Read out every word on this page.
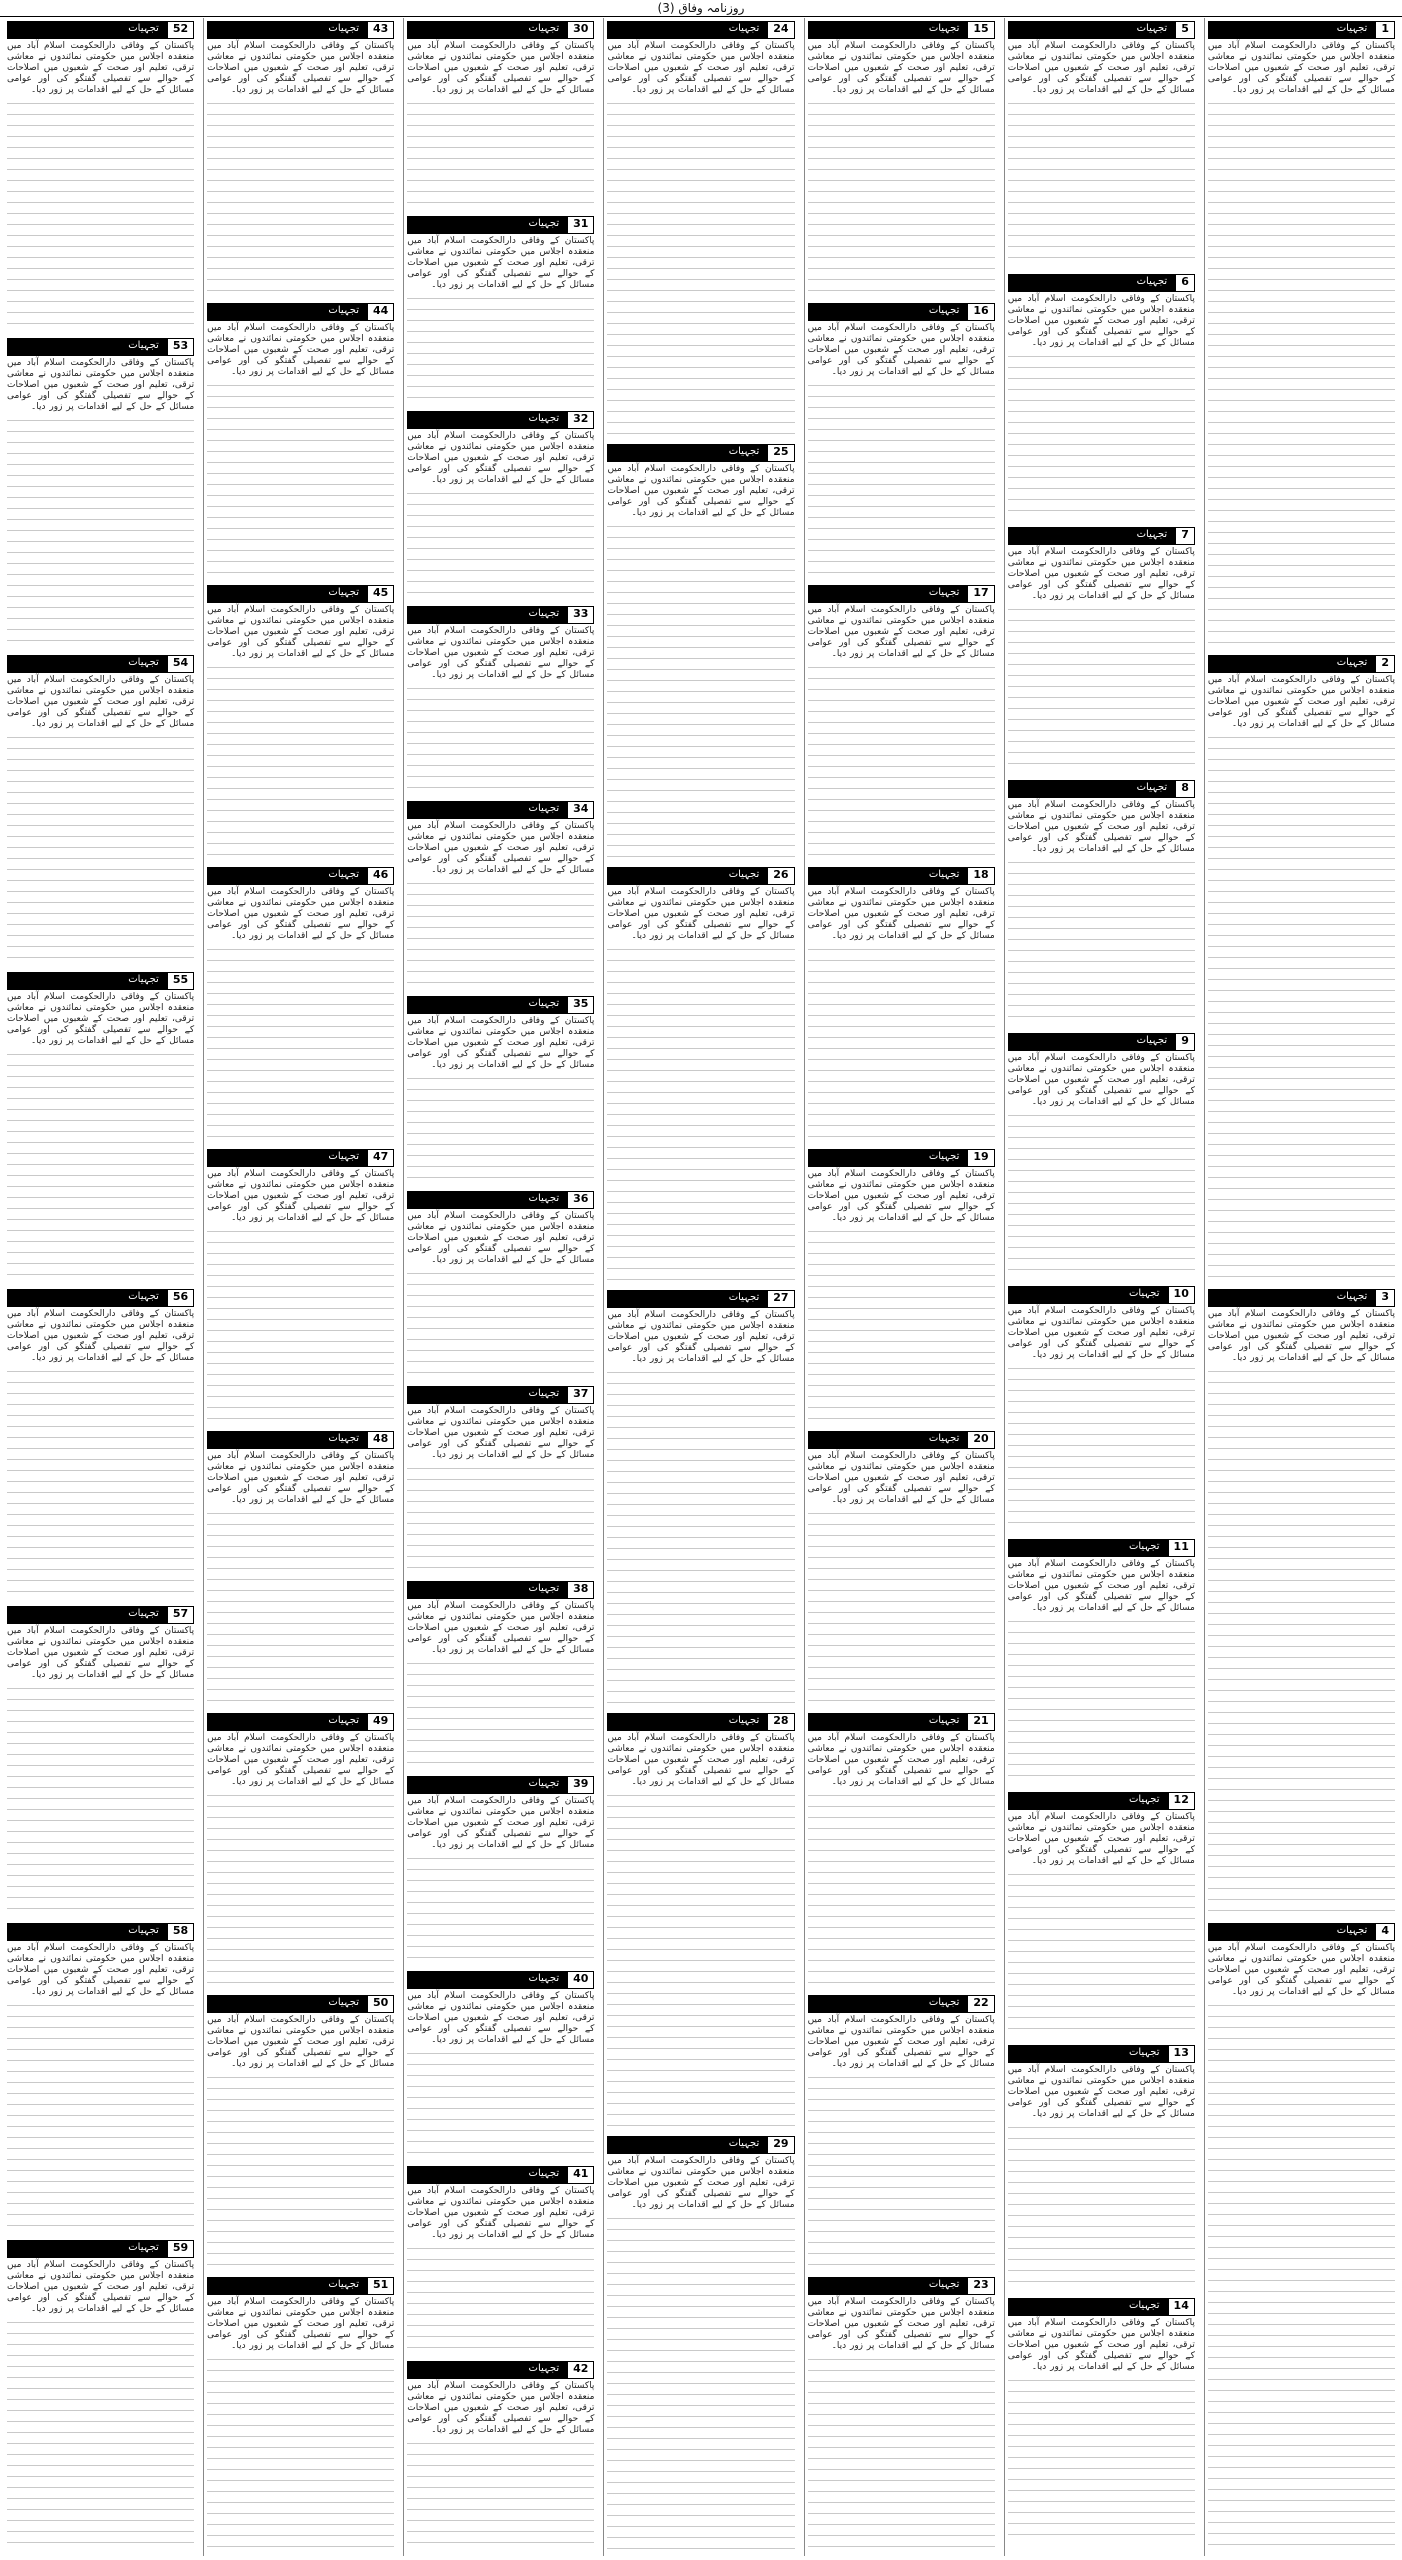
روزنامہ وفاق (3)
1
تجہیات
پاکستان کے وفاقی دارالحکومت اسلام آباد میں منعقدہ اجلاس میں حکومتی نمائندوں نے معاشی ترقی، تعلیم اور صحت کے شعبوں میں اصلاحات کے حوالے سے تفصیلی گفتگو کی اور عوامی مسائل کے حل کے لیے اقدامات پر زور دیا۔
2
تجہیات
پاکستان کے وفاقی دارالحکومت اسلام آباد میں منعقدہ اجلاس میں حکومتی نمائندوں نے معاشی ترقی، تعلیم اور صحت کے شعبوں میں اصلاحات کے حوالے سے تفصیلی گفتگو کی اور عوامی مسائل کے حل کے لیے اقدامات پر زور دیا۔
3
تجہیات
پاکستان کے وفاقی دارالحکومت اسلام آباد میں منعقدہ اجلاس میں حکومتی نمائندوں نے معاشی ترقی، تعلیم اور صحت کے شعبوں میں اصلاحات کے حوالے سے تفصیلی گفتگو کی اور عوامی مسائل کے حل کے لیے اقدامات پر زور دیا۔
4
تجہیات
پاکستان کے وفاقی دارالحکومت اسلام آباد میں منعقدہ اجلاس میں حکومتی نمائندوں نے معاشی ترقی، تعلیم اور صحت کے شعبوں میں اصلاحات کے حوالے سے تفصیلی گفتگو کی اور عوامی مسائل کے حل کے لیے اقدامات پر زور دیا۔
5
تجہیات
پاکستان کے وفاقی دارالحکومت اسلام آباد میں منعقدہ اجلاس میں حکومتی نمائندوں نے معاشی ترقی، تعلیم اور صحت کے شعبوں میں اصلاحات کے حوالے سے تفصیلی گفتگو کی اور عوامی مسائل کے حل کے لیے اقدامات پر زور دیا۔
6
تجہیات
پاکستان کے وفاقی دارالحکومت اسلام آباد میں منعقدہ اجلاس میں حکومتی نمائندوں نے معاشی ترقی، تعلیم اور صحت کے شعبوں میں اصلاحات کے حوالے سے تفصیلی گفتگو کی اور عوامی مسائل کے حل کے لیے اقدامات پر زور دیا۔
7
تجہیات
پاکستان کے وفاقی دارالحکومت اسلام آباد میں منعقدہ اجلاس میں حکومتی نمائندوں نے معاشی ترقی، تعلیم اور صحت کے شعبوں میں اصلاحات کے حوالے سے تفصیلی گفتگو کی اور عوامی مسائل کے حل کے لیے اقدامات پر زور دیا۔
8
تجہیات
پاکستان کے وفاقی دارالحکومت اسلام آباد میں منعقدہ اجلاس میں حکومتی نمائندوں نے معاشی ترقی، تعلیم اور صحت کے شعبوں میں اصلاحات کے حوالے سے تفصیلی گفتگو کی اور عوامی مسائل کے حل کے لیے اقدامات پر زور دیا۔
9
تجہیات
پاکستان کے وفاقی دارالحکومت اسلام آباد میں منعقدہ اجلاس میں حکومتی نمائندوں نے معاشی ترقی، تعلیم اور صحت کے شعبوں میں اصلاحات کے حوالے سے تفصیلی گفتگو کی اور عوامی مسائل کے حل کے لیے اقدامات پر زور دیا۔
10
تجہیات
پاکستان کے وفاقی دارالحکومت اسلام آباد میں منعقدہ اجلاس میں حکومتی نمائندوں نے معاشی ترقی، تعلیم اور صحت کے شعبوں میں اصلاحات کے حوالے سے تفصیلی گفتگو کی اور عوامی مسائل کے حل کے لیے اقدامات پر زور دیا۔
11
تجہیات
پاکستان کے وفاقی دارالحکومت اسلام آباد میں منعقدہ اجلاس میں حکومتی نمائندوں نے معاشی ترقی، تعلیم اور صحت کے شعبوں میں اصلاحات کے حوالے سے تفصیلی گفتگو کی اور عوامی مسائل کے حل کے لیے اقدامات پر زور دیا۔
12
تجہیات
پاکستان کے وفاقی دارالحکومت اسلام آباد میں منعقدہ اجلاس میں حکومتی نمائندوں نے معاشی ترقی، تعلیم اور صحت کے شعبوں میں اصلاحات کے حوالے سے تفصیلی گفتگو کی اور عوامی مسائل کے حل کے لیے اقدامات پر زور دیا۔
13
تجہیات
پاکستان کے وفاقی دارالحکومت اسلام آباد میں منعقدہ اجلاس میں حکومتی نمائندوں نے معاشی ترقی، تعلیم اور صحت کے شعبوں میں اصلاحات کے حوالے سے تفصیلی گفتگو کی اور عوامی مسائل کے حل کے لیے اقدامات پر زور دیا۔
14
تجہیات
پاکستان کے وفاقی دارالحکومت اسلام آباد میں منعقدہ اجلاس میں حکومتی نمائندوں نے معاشی ترقی، تعلیم اور صحت کے شعبوں میں اصلاحات کے حوالے سے تفصیلی گفتگو کی اور عوامی مسائل کے حل کے لیے اقدامات پر زور دیا۔
15
تجہیات
پاکستان کے وفاقی دارالحکومت اسلام آباد میں منعقدہ اجلاس میں حکومتی نمائندوں نے معاشی ترقی، تعلیم اور صحت کے شعبوں میں اصلاحات کے حوالے سے تفصیلی گفتگو کی اور عوامی مسائل کے حل کے لیے اقدامات پر زور دیا۔
16
تجہیات
پاکستان کے وفاقی دارالحکومت اسلام آباد میں منعقدہ اجلاس میں حکومتی نمائندوں نے معاشی ترقی، تعلیم اور صحت کے شعبوں میں اصلاحات کے حوالے سے تفصیلی گفتگو کی اور عوامی مسائل کے حل کے لیے اقدامات پر زور دیا۔
17
تجہیات
پاکستان کے وفاقی دارالحکومت اسلام آباد میں منعقدہ اجلاس میں حکومتی نمائندوں نے معاشی ترقی، تعلیم اور صحت کے شعبوں میں اصلاحات کے حوالے سے تفصیلی گفتگو کی اور عوامی مسائل کے حل کے لیے اقدامات پر زور دیا۔
18
تجہیات
پاکستان کے وفاقی دارالحکومت اسلام آباد میں منعقدہ اجلاس میں حکومتی نمائندوں نے معاشی ترقی، تعلیم اور صحت کے شعبوں میں اصلاحات کے حوالے سے تفصیلی گفتگو کی اور عوامی مسائل کے حل کے لیے اقدامات پر زور دیا۔
19
تجہیات
پاکستان کے وفاقی دارالحکومت اسلام آباد میں منعقدہ اجلاس میں حکومتی نمائندوں نے معاشی ترقی، تعلیم اور صحت کے شعبوں میں اصلاحات کے حوالے سے تفصیلی گفتگو کی اور عوامی مسائل کے حل کے لیے اقدامات پر زور دیا۔
20
تجہیات
پاکستان کے وفاقی دارالحکومت اسلام آباد میں منعقدہ اجلاس میں حکومتی نمائندوں نے معاشی ترقی، تعلیم اور صحت کے شعبوں میں اصلاحات کے حوالے سے تفصیلی گفتگو کی اور عوامی مسائل کے حل کے لیے اقدامات پر زور دیا۔
21
تجہیات
پاکستان کے وفاقی دارالحکومت اسلام آباد میں منعقدہ اجلاس میں حکومتی نمائندوں نے معاشی ترقی، تعلیم اور صحت کے شعبوں میں اصلاحات کے حوالے سے تفصیلی گفتگو کی اور عوامی مسائل کے حل کے لیے اقدامات پر زور دیا۔
22
تجہیات
پاکستان کے وفاقی دارالحکومت اسلام آباد میں منعقدہ اجلاس میں حکومتی نمائندوں نے معاشی ترقی، تعلیم اور صحت کے شعبوں میں اصلاحات کے حوالے سے تفصیلی گفتگو کی اور عوامی مسائل کے حل کے لیے اقدامات پر زور دیا۔
23
تجہیات
پاکستان کے وفاقی دارالحکومت اسلام آباد میں منعقدہ اجلاس میں حکومتی نمائندوں نے معاشی ترقی، تعلیم اور صحت کے شعبوں میں اصلاحات کے حوالے سے تفصیلی گفتگو کی اور عوامی مسائل کے حل کے لیے اقدامات پر زور دیا۔
24
تجہیات
پاکستان کے وفاقی دارالحکومت اسلام آباد میں منعقدہ اجلاس میں حکومتی نمائندوں نے معاشی ترقی، تعلیم اور صحت کے شعبوں میں اصلاحات کے حوالے سے تفصیلی گفتگو کی اور عوامی مسائل کے حل کے لیے اقدامات پر زور دیا۔
25
تجہیات
پاکستان کے وفاقی دارالحکومت اسلام آباد میں منعقدہ اجلاس میں حکومتی نمائندوں نے معاشی ترقی، تعلیم اور صحت کے شعبوں میں اصلاحات کے حوالے سے تفصیلی گفتگو کی اور عوامی مسائل کے حل کے لیے اقدامات پر زور دیا۔
26
تجہیات
پاکستان کے وفاقی دارالحکومت اسلام آباد میں منعقدہ اجلاس میں حکومتی نمائندوں نے معاشی ترقی، تعلیم اور صحت کے شعبوں میں اصلاحات کے حوالے سے تفصیلی گفتگو کی اور عوامی مسائل کے حل کے لیے اقدامات پر زور دیا۔
27
تجہیات
پاکستان کے وفاقی دارالحکومت اسلام آباد میں منعقدہ اجلاس میں حکومتی نمائندوں نے معاشی ترقی، تعلیم اور صحت کے شعبوں میں اصلاحات کے حوالے سے تفصیلی گفتگو کی اور عوامی مسائل کے حل کے لیے اقدامات پر زور دیا۔
28
تجہیات
پاکستان کے وفاقی دارالحکومت اسلام آباد میں منعقدہ اجلاس میں حکومتی نمائندوں نے معاشی ترقی، تعلیم اور صحت کے شعبوں میں اصلاحات کے حوالے سے تفصیلی گفتگو کی اور عوامی مسائل کے حل کے لیے اقدامات پر زور دیا۔
29
تجہیات
پاکستان کے وفاقی دارالحکومت اسلام آباد میں منعقدہ اجلاس میں حکومتی نمائندوں نے معاشی ترقی، تعلیم اور صحت کے شعبوں میں اصلاحات کے حوالے سے تفصیلی گفتگو کی اور عوامی مسائل کے حل کے لیے اقدامات پر زور دیا۔
30
تجہیات
پاکستان کے وفاقی دارالحکومت اسلام آباد میں منعقدہ اجلاس میں حکومتی نمائندوں نے معاشی ترقی، تعلیم اور صحت کے شعبوں میں اصلاحات کے حوالے سے تفصیلی گفتگو کی اور عوامی مسائل کے حل کے لیے اقدامات پر زور دیا۔
31
تجہیات
پاکستان کے وفاقی دارالحکومت اسلام آباد میں منعقدہ اجلاس میں حکومتی نمائندوں نے معاشی ترقی، تعلیم اور صحت کے شعبوں میں اصلاحات کے حوالے سے تفصیلی گفتگو کی اور عوامی مسائل کے حل کے لیے اقدامات پر زور دیا۔
32
تجہیات
پاکستان کے وفاقی دارالحکومت اسلام آباد میں منعقدہ اجلاس میں حکومتی نمائندوں نے معاشی ترقی، تعلیم اور صحت کے شعبوں میں اصلاحات کے حوالے سے تفصیلی گفتگو کی اور عوامی مسائل کے حل کے لیے اقدامات پر زور دیا۔
33
تجہیات
پاکستان کے وفاقی دارالحکومت اسلام آباد میں منعقدہ اجلاس میں حکومتی نمائندوں نے معاشی ترقی، تعلیم اور صحت کے شعبوں میں اصلاحات کے حوالے سے تفصیلی گفتگو کی اور عوامی مسائل کے حل کے لیے اقدامات پر زور دیا۔
34
تجہیات
پاکستان کے وفاقی دارالحکومت اسلام آباد میں منعقدہ اجلاس میں حکومتی نمائندوں نے معاشی ترقی، تعلیم اور صحت کے شعبوں میں اصلاحات کے حوالے سے تفصیلی گفتگو کی اور عوامی مسائل کے حل کے لیے اقدامات پر زور دیا۔
35
تجہیات
پاکستان کے وفاقی دارالحکومت اسلام آباد میں منعقدہ اجلاس میں حکومتی نمائندوں نے معاشی ترقی، تعلیم اور صحت کے شعبوں میں اصلاحات کے حوالے سے تفصیلی گفتگو کی اور عوامی مسائل کے حل کے لیے اقدامات پر زور دیا۔
36
تجہیات
پاکستان کے وفاقی دارالحکومت اسلام آباد میں منعقدہ اجلاس میں حکومتی نمائندوں نے معاشی ترقی، تعلیم اور صحت کے شعبوں میں اصلاحات کے حوالے سے تفصیلی گفتگو کی اور عوامی مسائل کے حل کے لیے اقدامات پر زور دیا۔
37
تجہیات
پاکستان کے وفاقی دارالحکومت اسلام آباد میں منعقدہ اجلاس میں حکومتی نمائندوں نے معاشی ترقی، تعلیم اور صحت کے شعبوں میں اصلاحات کے حوالے سے تفصیلی گفتگو کی اور عوامی مسائل کے حل کے لیے اقدامات پر زور دیا۔
38
تجہیات
پاکستان کے وفاقی دارالحکومت اسلام آباد میں منعقدہ اجلاس میں حکومتی نمائندوں نے معاشی ترقی، تعلیم اور صحت کے شعبوں میں اصلاحات کے حوالے سے تفصیلی گفتگو کی اور عوامی مسائل کے حل کے لیے اقدامات پر زور دیا۔
39
تجہیات
پاکستان کے وفاقی دارالحکومت اسلام آباد میں منعقدہ اجلاس میں حکومتی نمائندوں نے معاشی ترقی، تعلیم اور صحت کے شعبوں میں اصلاحات کے حوالے سے تفصیلی گفتگو کی اور عوامی مسائل کے حل کے لیے اقدامات پر زور دیا۔
40
تجہیات
پاکستان کے وفاقی دارالحکومت اسلام آباد میں منعقدہ اجلاس میں حکومتی نمائندوں نے معاشی ترقی، تعلیم اور صحت کے شعبوں میں اصلاحات کے حوالے سے تفصیلی گفتگو کی اور عوامی مسائل کے حل کے لیے اقدامات پر زور دیا۔
41
تجہیات
پاکستان کے وفاقی دارالحکومت اسلام آباد میں منعقدہ اجلاس میں حکومتی نمائندوں نے معاشی ترقی، تعلیم اور صحت کے شعبوں میں اصلاحات کے حوالے سے تفصیلی گفتگو کی اور عوامی مسائل کے حل کے لیے اقدامات پر زور دیا۔
42
تجہیات
پاکستان کے وفاقی دارالحکومت اسلام آباد میں منعقدہ اجلاس میں حکومتی نمائندوں نے معاشی ترقی، تعلیم اور صحت کے شعبوں میں اصلاحات کے حوالے سے تفصیلی گفتگو کی اور عوامی مسائل کے حل کے لیے اقدامات پر زور دیا۔
43
تجہیات
پاکستان کے وفاقی دارالحکومت اسلام آباد میں منعقدہ اجلاس میں حکومتی نمائندوں نے معاشی ترقی، تعلیم اور صحت کے شعبوں میں اصلاحات کے حوالے سے تفصیلی گفتگو کی اور عوامی مسائل کے حل کے لیے اقدامات پر زور دیا۔
44
تجہیات
پاکستان کے وفاقی دارالحکومت اسلام آباد میں منعقدہ اجلاس میں حکومتی نمائندوں نے معاشی ترقی، تعلیم اور صحت کے شعبوں میں اصلاحات کے حوالے سے تفصیلی گفتگو کی اور عوامی مسائل کے حل کے لیے اقدامات پر زور دیا۔
45
تجہیات
پاکستان کے وفاقی دارالحکومت اسلام آباد میں منعقدہ اجلاس میں حکومتی نمائندوں نے معاشی ترقی، تعلیم اور صحت کے شعبوں میں اصلاحات کے حوالے سے تفصیلی گفتگو کی اور عوامی مسائل کے حل کے لیے اقدامات پر زور دیا۔
46
تجہیات
پاکستان کے وفاقی دارالحکومت اسلام آباد میں منعقدہ اجلاس میں حکومتی نمائندوں نے معاشی ترقی، تعلیم اور صحت کے شعبوں میں اصلاحات کے حوالے سے تفصیلی گفتگو کی اور عوامی مسائل کے حل کے لیے اقدامات پر زور دیا۔
47
تجہیات
پاکستان کے وفاقی دارالحکومت اسلام آباد میں منعقدہ اجلاس میں حکومتی نمائندوں نے معاشی ترقی، تعلیم اور صحت کے شعبوں میں اصلاحات کے حوالے سے تفصیلی گفتگو کی اور عوامی مسائل کے حل کے لیے اقدامات پر زور دیا۔
48
تجہیات
پاکستان کے وفاقی دارالحکومت اسلام آباد میں منعقدہ اجلاس میں حکومتی نمائندوں نے معاشی ترقی، تعلیم اور صحت کے شعبوں میں اصلاحات کے حوالے سے تفصیلی گفتگو کی اور عوامی مسائل کے حل کے لیے اقدامات پر زور دیا۔
49
تجہیات
پاکستان کے وفاقی دارالحکومت اسلام آباد میں منعقدہ اجلاس میں حکومتی نمائندوں نے معاشی ترقی، تعلیم اور صحت کے شعبوں میں اصلاحات کے حوالے سے تفصیلی گفتگو کی اور عوامی مسائل کے حل کے لیے اقدامات پر زور دیا۔
50
تجہیات
پاکستان کے وفاقی دارالحکومت اسلام آباد میں منعقدہ اجلاس میں حکومتی نمائندوں نے معاشی ترقی، تعلیم اور صحت کے شعبوں میں اصلاحات کے حوالے سے تفصیلی گفتگو کی اور عوامی مسائل کے حل کے لیے اقدامات پر زور دیا۔
51
تجہیات
پاکستان کے وفاقی دارالحکومت اسلام آباد میں منعقدہ اجلاس میں حکومتی نمائندوں نے معاشی ترقی، تعلیم اور صحت کے شعبوں میں اصلاحات کے حوالے سے تفصیلی گفتگو کی اور عوامی مسائل کے حل کے لیے اقدامات پر زور دیا۔
52
تجہیات
پاکستان کے وفاقی دارالحکومت اسلام آباد میں منعقدہ اجلاس میں حکومتی نمائندوں نے معاشی ترقی، تعلیم اور صحت کے شعبوں میں اصلاحات کے حوالے سے تفصیلی گفتگو کی اور عوامی مسائل کے حل کے لیے اقدامات پر زور دیا۔
53
تجہیات
پاکستان کے وفاقی دارالحکومت اسلام آباد میں منعقدہ اجلاس میں حکومتی نمائندوں نے معاشی ترقی، تعلیم اور صحت کے شعبوں میں اصلاحات کے حوالے سے تفصیلی گفتگو کی اور عوامی مسائل کے حل کے لیے اقدامات پر زور دیا۔
54
تجہیات
پاکستان کے وفاقی دارالحکومت اسلام آباد میں منعقدہ اجلاس میں حکومتی نمائندوں نے معاشی ترقی، تعلیم اور صحت کے شعبوں میں اصلاحات کے حوالے سے تفصیلی گفتگو کی اور عوامی مسائل کے حل کے لیے اقدامات پر زور دیا۔
55
تجہیات
پاکستان کے وفاقی دارالحکومت اسلام آباد میں منعقدہ اجلاس میں حکومتی نمائندوں نے معاشی ترقی، تعلیم اور صحت کے شعبوں میں اصلاحات کے حوالے سے تفصیلی گفتگو کی اور عوامی مسائل کے حل کے لیے اقدامات پر زور دیا۔
56
تجہیات
پاکستان کے وفاقی دارالحکومت اسلام آباد میں منعقدہ اجلاس میں حکومتی نمائندوں نے معاشی ترقی، تعلیم اور صحت کے شعبوں میں اصلاحات کے حوالے سے تفصیلی گفتگو کی اور عوامی مسائل کے حل کے لیے اقدامات پر زور دیا۔
57
تجہیات
پاکستان کے وفاقی دارالحکومت اسلام آباد میں منعقدہ اجلاس میں حکومتی نمائندوں نے معاشی ترقی، تعلیم اور صحت کے شعبوں میں اصلاحات کے حوالے سے تفصیلی گفتگو کی اور عوامی مسائل کے حل کے لیے اقدامات پر زور دیا۔
58
تجہیات
پاکستان کے وفاقی دارالحکومت اسلام آباد میں منعقدہ اجلاس میں حکومتی نمائندوں نے معاشی ترقی، تعلیم اور صحت کے شعبوں میں اصلاحات کے حوالے سے تفصیلی گفتگو کی اور عوامی مسائل کے حل کے لیے اقدامات پر زور دیا۔
59
تجہیات
پاکستان کے وفاقی دارالحکومت اسلام آباد میں منعقدہ اجلاس میں حکومتی نمائندوں نے معاشی ترقی، تعلیم اور صحت کے شعبوں میں اصلاحات کے حوالے سے تفصیلی گفتگو کی اور عوامی مسائل کے حل کے لیے اقدامات پر زور دیا۔
